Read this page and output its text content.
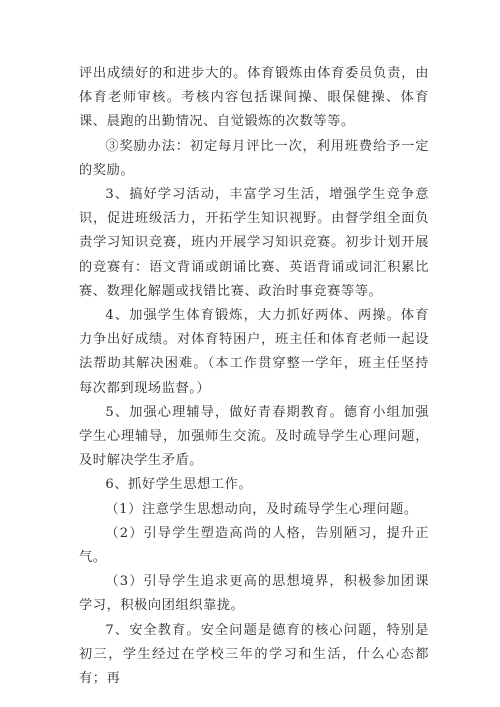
评出成绩好的和进步大的。体育锻炼由体育委员负责，由体育老师审核。考核内容包括课间操、眼保健操、体育课、晨跑的出勤情况、自觉锻炼的次数等等。

③奖励办法：初定每月评比一次，利用班费给予一定的奖励。

3、搞好学习活动，丰富学习生活，增强学生竞争意识，促进班级活力，开拓学生知识视野。由督学组全面负责学习知识竞赛，班内开展学习知识竞赛。初步计划开展的竞赛有：语文背诵或朗诵比赛、英语背诵或词汇积累比赛、数理化解题或找错比赛、政治时事竞赛等等。

4、加强学生体育锻炼，大力抓好两体、两操。体育力争出好成绩。对体育特困户，班主任和体育老师一起设法帮助其解决困难。（本工作贯穿整一学年，班主任坚持每次都到现场监督。）

5、加强心理辅导，做好青春期教育。德育小组加强学生心理辅导，加强师生交流。及时疏导学生心理问题，及时解决学生矛盾。

6、抓好学生思想工作。

（1）注意学生思想动向，及时疏导学生心理问题。

（2）引导学生塑造高尚的人格，告别陋习，提升正气。

（3）引导学生追求更高的思想境界，积极参加团课学习，积极向团组织靠拢。

7、安全教育。安全问题是德育的核心问题，特别是初三，学生经过在学校三年的学习和生活，什么心态都有；再
